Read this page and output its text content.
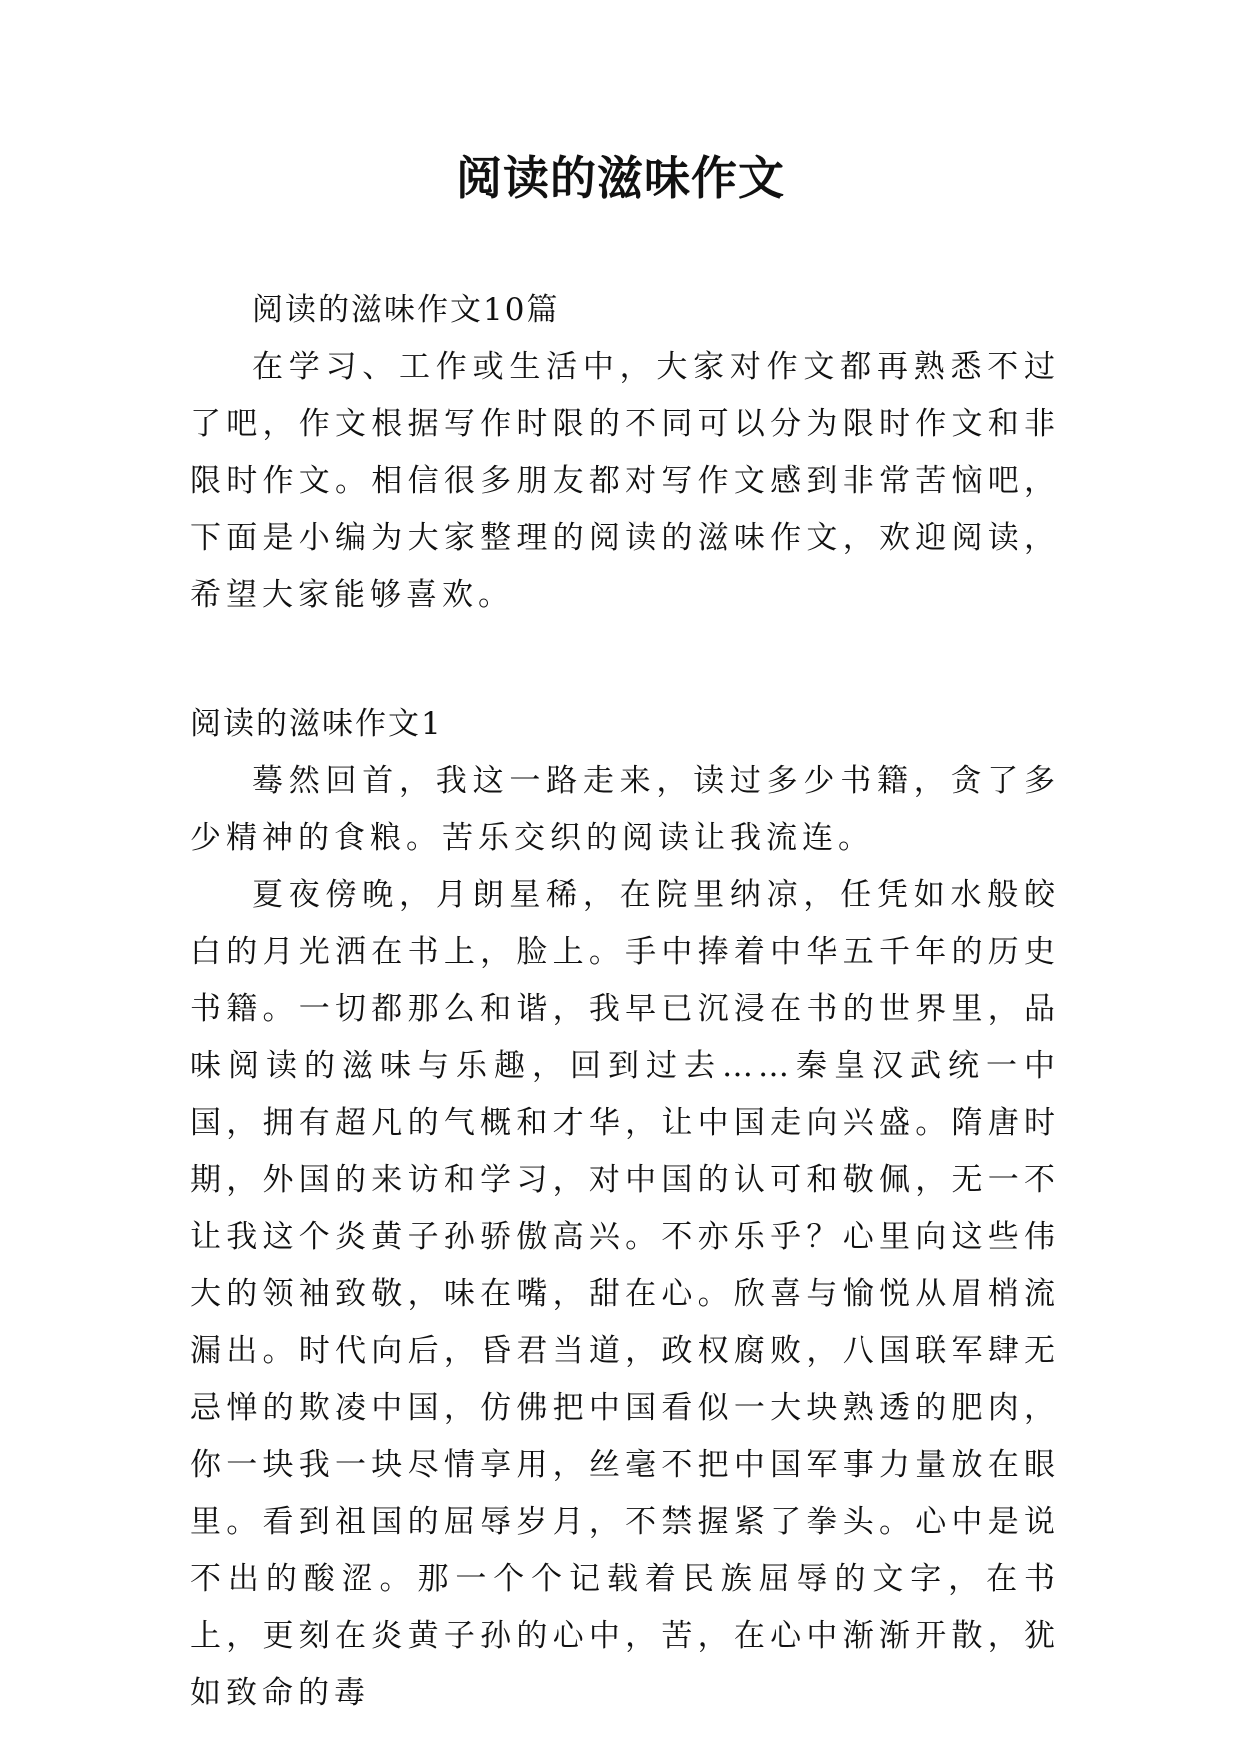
阅读的滋味作文

阅读的滋味作文10篇

在学习、工作或生活中，大家对作文都再熟悉不过了吧，作文根据写作时限的不同可以分为限时作文和非限时作文。相信很多朋友都对写作文感到非常苦恼吧，下面是小编为大家整理的阅读的滋味作文，欢迎阅读，希望大家能够喜欢。

阅读的滋味作文1

蓦然回首，我这一路走来，读过多少书籍，贪了多少精神的食粮。苦乐交织的阅读让我流连。

夏夜傍晚，月朗星稀，在院里纳凉，任凭如水般皎白的月光洒在书上，脸上。手中捧着中华五千年的历史书籍。一切都那么和谐，我早已沉浸在书的世界里，品味阅读的滋味与乐趣，回到过去……秦皇汉武统一中国，拥有超凡的气概和才华，让中国走向兴盛。隋唐时期，外国的来访和学习，对中国的认可和敬佩，无一不让我这个炎黄子孙骄傲高兴。不亦乐乎？心里向这些伟大的领袖致敬，味在嘴，甜在心。欣喜与愉悦从眉梢流漏出。时代向后，昏君当道，政权腐败，八国联军肆无忌惮的欺凌中国，仿佛把中国看似一大块熟透的肥肉，你一块我一块尽情享用，丝毫不把中国军事力量放在眼里。看到祖国的屈辱岁月，不禁握紧了拳头。心中是说不出的酸涩。那一个个记载着民族屈辱的文字，在书上，更刻在炎黄子孙的心中，苦，在心中渐渐开散，犹如致命的毒
